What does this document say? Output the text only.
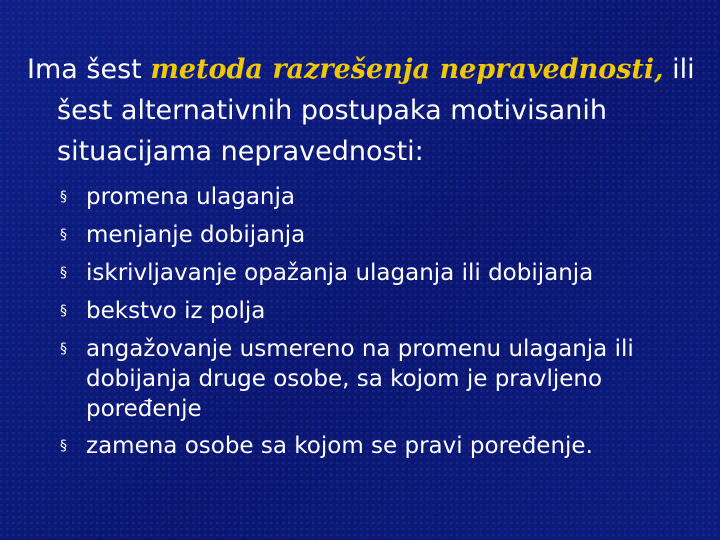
Ima šest metoda razrešenja nepravednosti, ili šest alternativnih postupaka motivisanih situacijama nepravednosti:

§ promena ulaganja
§ menjanje dobijanja
§ iskrivljavanje opažanja ulaganja ili dobijanja
§ bekstvo iz polja
§ angažovanje usmereno na promenu ulaganja ili dobijanja druge osobe, sa kojom je pravljeno poređenje
§ zamena osobe sa kojom se pravi poređenje.
